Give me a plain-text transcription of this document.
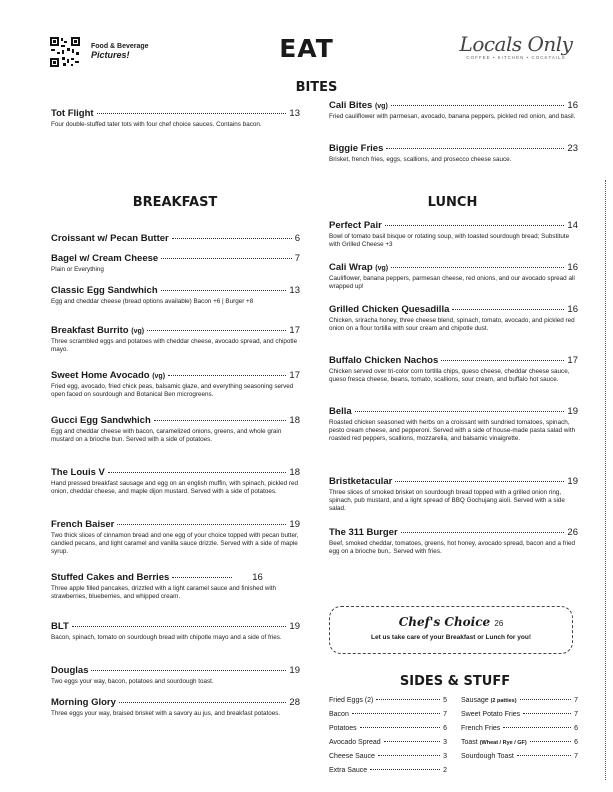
Food & Beverage
Pictures!	EAT	Locals Only
COFFEE • KITCHEN • COCKTAILS
BITES
BREAKFAST	LUNCH
SIDES & STUFF
Tot Flight	13
Four double-stuffed tater tots with four chef choice sauces. Contains bacon.
Cali Bites (vg)	16
Fried cauliflower with parmesan, avocado, banana peppers, pickled red onion, and basil.
Biggie Fries	23
Brisket, french fries, eggs, scallions, and prosecco cheese sauce.
Croissant w/ Pecan Butter	6
Bagel w/ Cream Cheese	7
Plain or Everything
Classic Egg Sandwhich	13
Egg and cheddar cheese (bread options available) Bacon +6 | Burger +8
Breakfast Burrito (vg)	17
Three scrambled eggs and potatoes with cheddar cheese, avocado spread, and chipotle mayo.
Sweet Home Avocado (vg)	17
Fried egg, avocado, fried chick peas, balsamic glaze, and everything seasoning served open faced on sourdough and Botanical Ben microgreens.
Gucci Egg Sandwhich	18
Egg and cheddar cheese with bacon, caramelized onions, greens, and whole grain mustard on a brioche bun. Served with a side of potatoes.
The Louis V	18
Hand pressed breakfast sausage and egg on an english muffin, with spinach, pickled red onion, cheddar cheese, and maple dijon mustard. Served with a side of potatoes.
French Baiser	19
Two thick slices of cinnamon bread and one egg of your choice topped with pecan butter, candied pecans, and light caramel and vanilla sauce drizzle. Served with a side of maple syrup.
Stuffed Cakes and Berries	16
Three apple filled pancakes, drizzled with a light caramel sauce and finished with strawberries, blueberries, and whipped cream.
BLT	19
Bacon, spinach, tomato on sourdough bread with chipotle mayo and a side of fries.
Douglas	19
Two eggs your way, bacon, potatoes and sourdough toast.
Morning Glory	28
Three eggs your way, braised brisket with a savory au jus, and breakfast potatoes.
Perfect Pair	14
Bowl of tomato basil bisque or rotating soup, with toasted sourdough bread; Substitute with Grilled Cheese +3
Cali Wrap (vg)	16
Cauliflower, banana peppers, parmesan cheese, red onions, and our avocado spread all wrapped up!
Grilled Chicken Quesadilla	16
Chicken, sriracha honey, three cheese blend, spinach, tomato, avocado, and pickled red onion on a flour tortilla with sour cream and chipotle dust.
Buffalo Chicken Nachos	17
Chicken served over tri-color corn tortilla chips, queso cheese, cheddar cheese sauce, queso fresca cheese, beans, tomato, scallions, sour cream, and buffalo hot sauce.
Bella	19
Roasted chicken seasoned with herbs on a croissant with sundried tomatoes, spinach, pesto cream cheese, and pepperoni. Served with a side of house-made pasta salad with roasted red peppers, scallions, mozzarella, and balsamic vinaigrette.
Bristketacular	19
Three slices of smoked brisket on sourdough bread topped with a grilled onion ring, spinach, pub mustard, and a light spread of BBQ Gochujang aioli. Served with a side salad.
The 311 Burger	26
Beef, smoked cheddar, tomatoes, greens, hot honey, avocado spread, bacon and a fried egg on a brioche bun,. Served with fries.
Chef's Choice 26
Let us take care of your Breakfast or Lunch for you!
Fried Eggs (2)	5
Bacon	7
Potatoes	6
Avocado Spread	3
Cheese Sauce	3
Extra Sauce	2
Sausage (2 patties)	7
Sweet Potato Fries	7
French Fries	6
Toast (Wheat / Rye / GF)	6
Sourdough Toast	7
